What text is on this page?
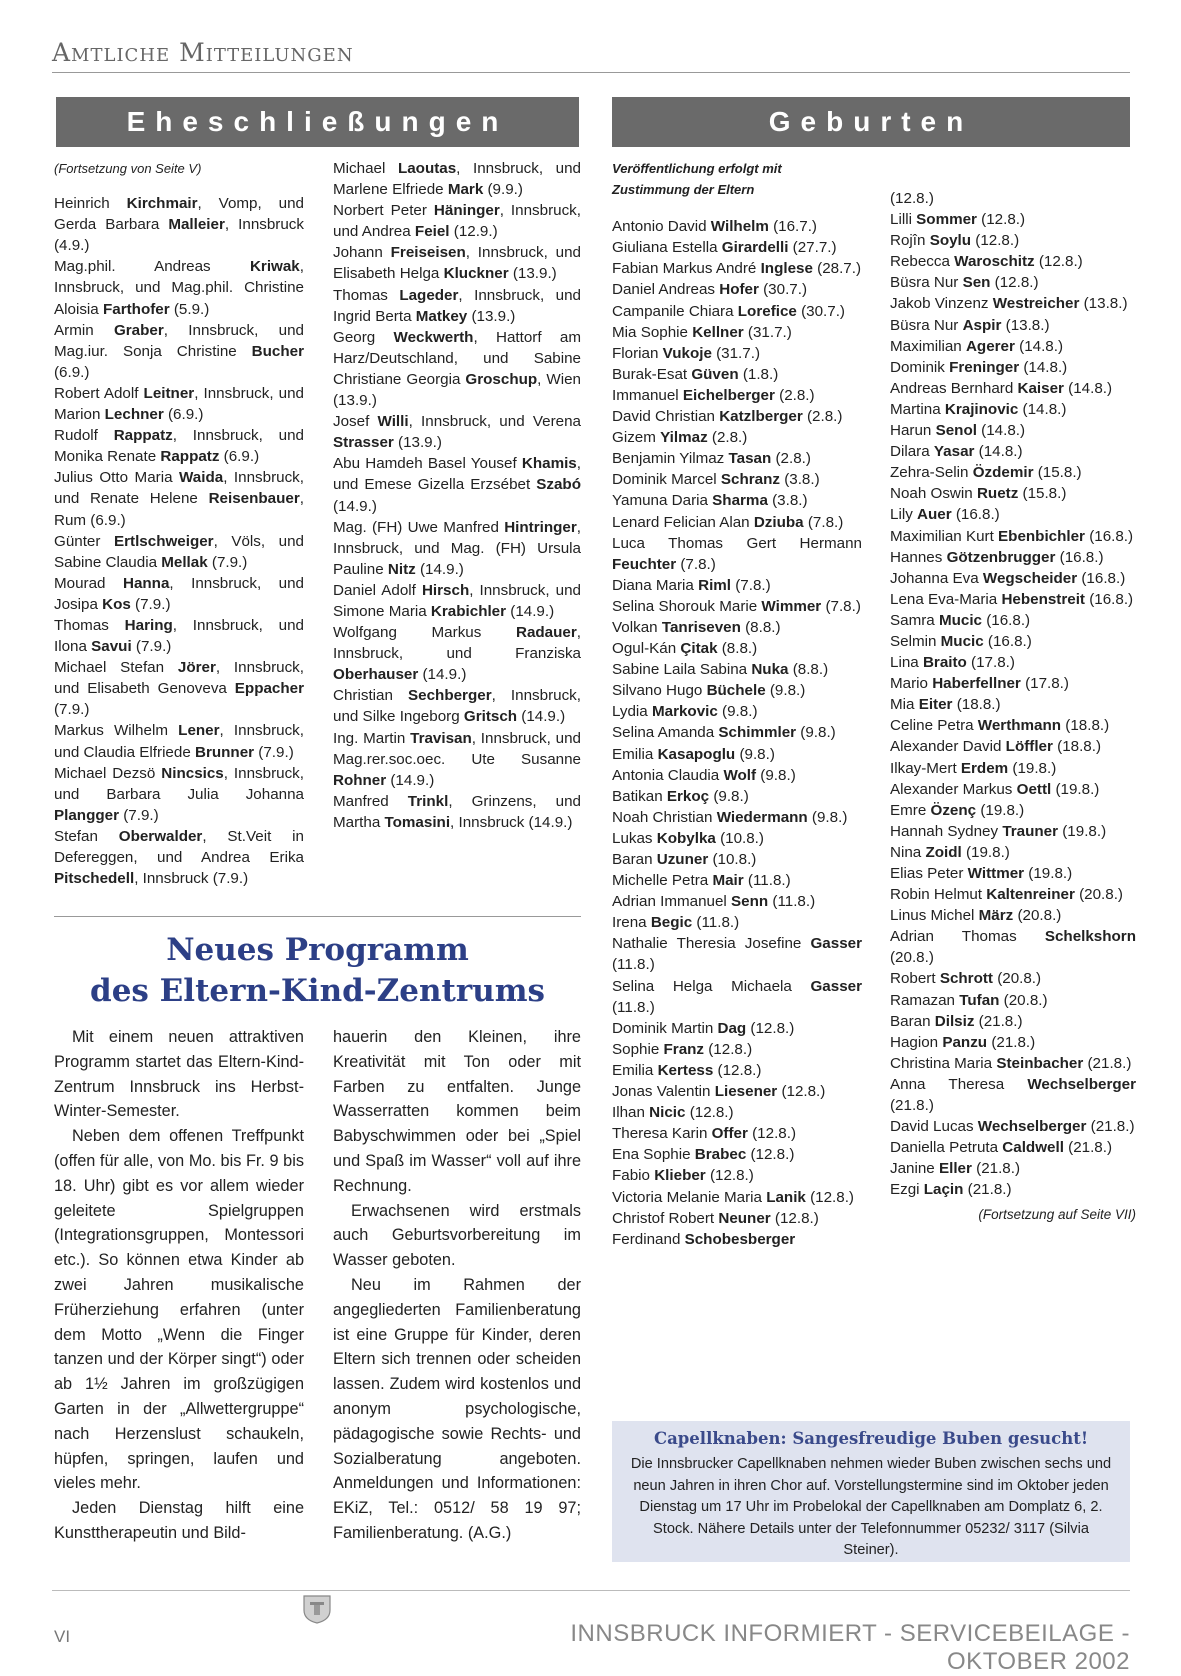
Amtliche Mitteilungen
Eheschließungen	Geburten
(Fortsetzung von Seite V)
Heinrich Kirchmair, Vomp, und Gerda Barbara Malleier, Innsbruck (4.9.)
Mag.phil. Andreas Kriwak, Innsbruck, und Mag.phil. Christine Aloisia Farthofer (5.9.)
Armin Graber, Innsbruck, und Mag.iur. Sonja Christine Bucher (6.9.)
Robert Adolf Leitner, Innsbruck, und Marion Lechner (6.9.)
Rudolf Rappatz, Innsbruck, und Monika Renate Rappatz (6.9.)
Julius Otto Maria Waida, Innsbruck, und Renate Helene Reisenbauer, Rum (6.9.)
Günter Ertlschweiger, Völs, und Sabine Claudia Mellak (7.9.)
Mourad Hanna, Innsbruck, und Josipa Kos (7.9.)
Thomas Haring, Innsbruck, und Ilona Savui (7.9.)
Michael Stefan Jörer, Innsbruck, und Elisabeth Genoveva Eppacher (7.9.)
Markus Wilhelm Lener, Innsbruck, und Claudia Elfriede Brunner (7.9.)
Michael Dezsö Nincsics, Innsbruck, und Barbara Julia Johanna Plangger (7.9.)
Stefan Oberwalder, St.Veit in Defereggen, und Andrea Erika Pitschedell, Innsbruck (7.9.)
Michael Laoutas, Innsbruck, und Marlene Elfriede Mark (9.9.)
Norbert Peter Häninger, Innsbruck, und Andrea Feiel (12.9.)
Johann Freiseisen, Innsbruck, und Elisabeth Helga Kluckner (13.9.)
Thomas Lageder, Innsbruck, und Ingrid Berta Matkey (13.9.)
Georg Weckwerth, Hattorf am Harz/Deutschland, und Sabine Christiane Georgia Groschup, Wien (13.9.)
Josef Willi, Innsbruck, und Verena Strasser (13.9.)
Abu Hamdeh Basel Yousef Khamis, und Emese Gizella Erzsébet Szabó (14.9.)
Mag. (FH) Uwe Manfred Hintringer, Innsbruck, und Mag. (FH) Ursula Pauline Nitz (14.9.)
Daniel Adolf Hirsch, Innsbruck, und Simone Maria Krabichler (14.9.)
Wolfgang Markus Radauer, Innsbruck, und Franziska Oberhauser (14.9.)
Christian Sechberger, Innsbruck, und Silke Ingeborg Gritsch (14.9.)
Ing. Martin Travisan, Innsbruck, und Mag.rer.soc.oec. Ute Susanne Rohner (14.9.)
Manfred Trinkl, Grinzens, und Martha Tomasini, Innsbruck (14.9.)
Veröffentlichung erfolgt mit Zustimmung der Eltern
Antonio David Wilhelm (16.7.)
Giuliana Estella Girardelli (27.7.)
Fabian Markus André Inglese (28.7.)
Daniel Andreas Hofer (30.7.)
Campanile Chiara Lorefice (30.7.)
Mia Sophie Kellner (31.7.)
Florian Vukoje (31.7.)
Burak-Esat Güven (1.8.)
Immanuel Eichelberger (2.8.)
David Christian Katzlberger (2.8.)
Gizem Yilmaz (2.8.)
Benjamin Yilmaz Tasan (2.8.)
Dominik Marcel Schranz (3.8.)
Yamuna Daria Sharma (3.8.)
Lenard Felician Alan Dziuba (7.8.)
Luca Thomas Gert Hermann Feuchter (7.8.)
Diana Maria Riml (7.8.)
Selina Shorouk Marie Wimmer (7.8.)
Volkan Tanriseven (8.8.)
Ogul-Kán Çitak (8.8.)
Sabine Laila Sabina Nuka (8.8.)
Silvano Hugo Büchele (9.8.)
Lydia Markovic (9.8.)
Selina Amanda Schimmler (9.8.)
Emilia Kasapoglu (9.8.)
Antonia Claudia Wolf (9.8.)
Batikan Erkoç (9.8.)
Noah Christian Wiedermann (9.8.)
Lukas Kobylka (10.8.)
Baran Uzuner (10.8.)
Michelle Petra Mair (11.8.)
Adrian Immanuel Senn (11.8.)
Irena Begic (11.8.)
Nathalie Theresia Josefine Gasser (11.8.)
Selina Helga Michaela Gasser (11.8.)
Dominik Martin Dag (12.8.)
Sophie Franz (12.8.)
Emilia Kertess (12.8.)
Jonas Valentin Liesener (12.8.)
Ilhan Nicic (12.8.)
Theresa Karin Offer (12.8.)
Ena Sophie Brabec (12.8.)
Fabio Klieber (12.8.)
Victoria Melanie Maria Lanik (12.8.)
Christof Robert Neuner (12.8.)
Ferdinand Schobesberger
(12.8.)
Lilli Sommer (12.8.)
Rojîn Soylu (12.8.)
Rebecca Waroschitz (12.8.)
Büsra Nur Sen (12.8.)
Jakob Vinzenz Westreicher (13.8.)
Büsra Nur Aspir (13.8.)
Maximilian Agerer (14.8.)
Dominik Freninger (14.8.)
Andreas Bernhard Kaiser (14.8.)
Martina Krajinovic (14.8.)
Harun Senol (14.8.)
Dilara Yasar (14.8.)
Zehra-Selin Özdemir (15.8.)
Noah Oswin Ruetz (15.8.)
Lily Auer (16.8.)
Maximilian Kurt Ebenbichler (16.8.)
Hannes Götzenbrugger (16.8.)
Johanna Eva Wegscheider (16.8.)
Lena Eva-Maria Hebenstreit (16.8.)
Samra Mucic (16.8.)
Selmin Mucic (16.8.)
Lina Braito (17.8.)
Mario Haberfellner (17.8.)
Mia Eiter (18.8.)
Celine Petra Werthmann (18.8.)
Alexander David Löffler (18.8.)
Ilkay-Mert Erdem (19.8.)
Alexander Markus Oettl (19.8.)
Emre Özenç (19.8.)
Hannah Sydney Trauner (19.8.)
Nina Zoidl (19.8.)
Elias Peter Wittmer (19.8.)
Robin Helmut Kaltenreiner (20.8.)
Linus Michel März (20.8.)
Adrian Thomas Schelkshorn (20.8.)
Robert Schrott (20.8.)
Ramazan Tufan (20.8.)
Baran Dilsiz (21.8.)
Hagion Panzu (21.8.)
Christina Maria Steinbacher (21.8.)
Anna Theresa Wechselberger (21.8.)
David Lucas Wechselberger (21.8.)
Daniella Petruta Caldwell (21.8.)
Janine Eller (21.8.)
Ezgi Laçin (21.8.)
(Fortsetzung auf Seite VII)
Neues Programm
des Eltern-Kind-Zentrums

Mit einem neuen attraktiven Programm startet das Eltern-Kind-Zentrum Innsbruck ins Herbst-Winter-Semester.

Neben dem offenen Treffpunkt (offen für alle, von Mo. bis Fr. 9 bis 18. Uhr) gibt es vor allem wieder geleitete Spielgruppen (Integrationsgruppen, Montessori etc.). So können etwa Kinder ab zwei Jahren musikalische Früherziehung erfahren (unter dem Motto „Wenn die Finger tanzen und der Körper singt“) oder ab 1½ Jahren im großzügigen Garten in der „Allwettergruppe“ nach Herzenslust schaukeln, hüpfen, springen, laufen und vieles mehr.

Jeden Dienstag hilft eine Kunsttherapeutin und Bild-

hauerin den Kleinen, ihre Kreativität mit Ton oder mit Farben zu entfalten. Junge Wasserratten kommen beim Babyschwimmen oder bei „Spiel und Spaß im Wasser“ voll auf ihre Rechnung.

Erwachsenen wird erstmals auch Geburtsvorbereitung im Wasser geboten.

Neu im Rahmen der angegliederten Familienberatung ist eine Gruppe für Kinder, deren Eltern sich trennen oder scheiden lassen. Zudem wird kostenlos und anonym psychologische, pädagogische sowie Rechts- und Sozialberatung angeboten. Anmeldungen und Informationen: EKiZ, Tel.: 0512/ 58 19 97; Familienberatung. (A.G.)

Capellknaben: Sangesfreudige Buben gesucht!
Die Innsbrucker Capellknaben nehmen wieder Buben zwischen sechs und neun Jahren in ihren Chor auf. Vorstellungstermine sind im Oktober jeden Dienstag um 17 Uhr im Probelokal der Capellknaben am Domplatz 6, 2. Stock. Nähere Details unter der Telefonnummer 05232/ 3117 (Silvia Steiner).
VI	INNSBRUCK INFORMIERT - SERVICEBEILAGE - OKTOBER 2002
